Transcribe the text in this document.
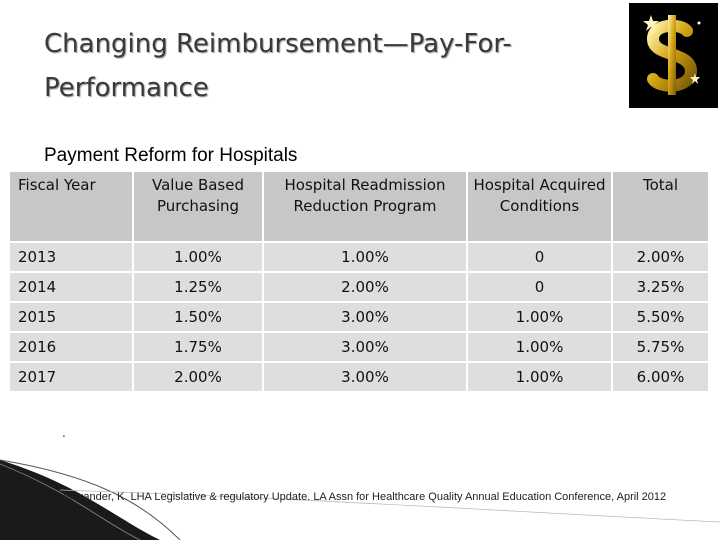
Changing Reimbursement—Pay-For-Performance
Payment Reform for Hospitals
Fiscal Year	Value Based Purchasing	Hospital Readmission Reduction Program	Hospital Acquired Conditions	Total
2013	1.00%	1.00%	0	2.00%
2014	1.25%	2.00%	0	3.25%
2015	1.50%	3.00%	1.00%	5.50%
2016	1.75%	3.00%	1.00%	5.75%
2017	2.00%	3.00%	1.00%	6.00%
.
Alexander, K. LHA Legislative & regulatory Update. LA Assn for Healthcare Quality Annual Education Conference, April 2012
